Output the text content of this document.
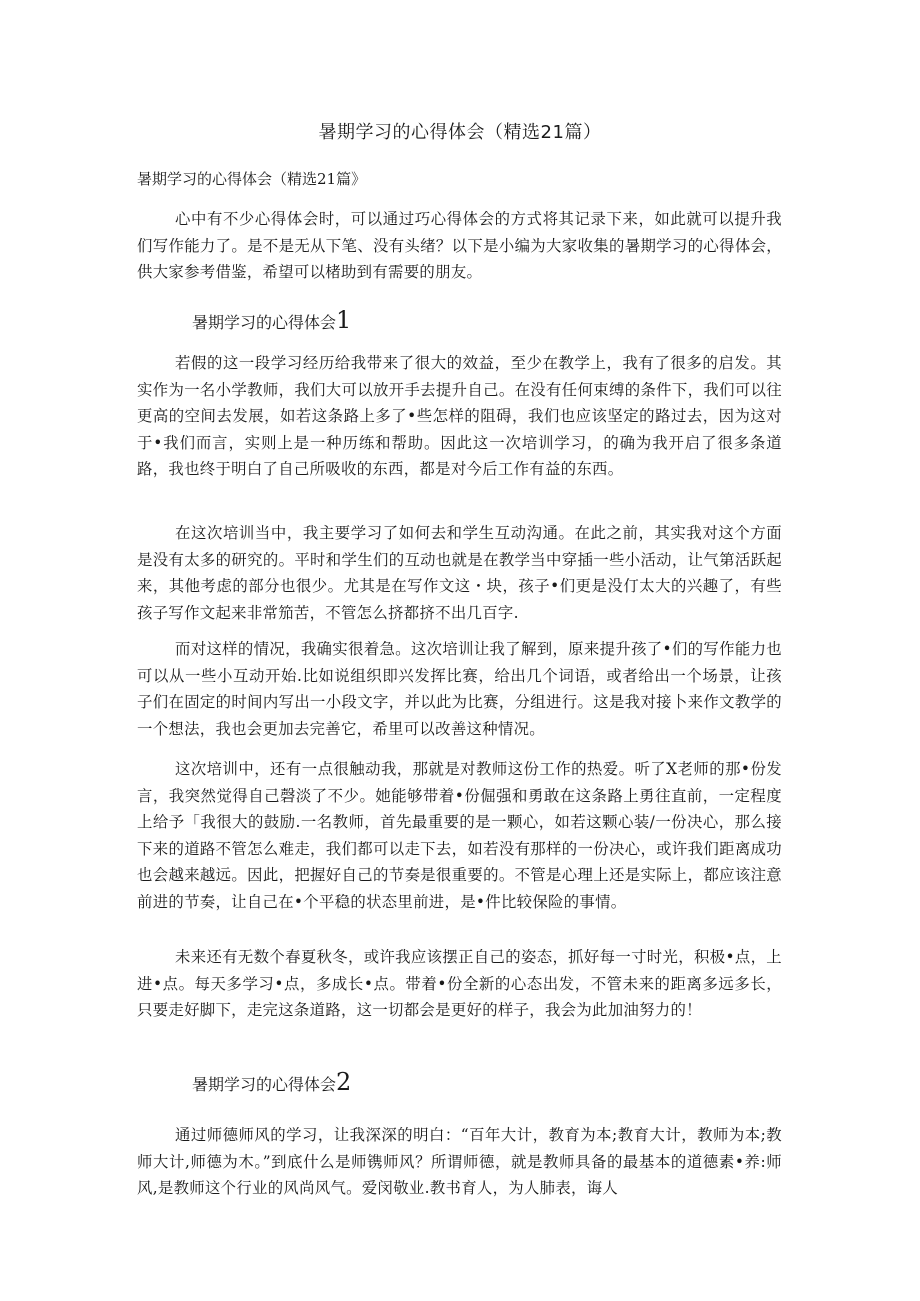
暑期学习的心得体会（精选21篇）
暑期学习的心得体会（精选21篇》

心中有不少心得体会时，可以通过巧心得体会的方式将其记录下来，如此就可以提升我们写作能力了。是不是无从下笔、没有头绪？以下是小编为大家收集的暑期学习的心得体会，供大家参考借鉴，希望可以楮助到有需要的朋友。

暑期学习的心得体会1

若假的这一段学习经历给我带来了很大的效益，至少在教学上，我有了很多的启发。其实作为一名小学教师，我们大可以放开手去提升自己。在没有任何束缚的条件下，我们可以往更高的空间去发展，如若这条路上多了•些怎样的阻碍，我们也应该坚定的路过去，因为这对于•我们而言，实则上是一种历练和帮助。因此这一次培训学习，的确为我开启了很多条道路，我也终于明白了自己所吸收的东西，都是对今后工作有益的东西。

在这次培训当中，我主要学习了如何去和学生互动沟通。在此之前，其实我对这个方面是没有太多的研究的。平时和学生们的互动也就是在教学当中穿插一些小活动，让气第活跃起来，其他考虑的部分也很少。尤其是在写作文这・块，孩子•们更是没仃太大的兴趣了，有些孩子写作文起来非常笳苦，不管怎么挤都挤不出几百字.

而对这样的情况，我确实很着急。这次培训让我了解到，原来提升孩了•们的写作能力也可以从一些小互动开始.比如说组织即兴发挥比赛，给出几个词语，或者给出一个场景，让孩子们在固定的时间内写出一小段文字，并以此为比赛，分组进行。这是我对接卜来作文教学的一个想法，我也会更加去完善它，希里可以改善这种情况。

这次培训中，还有一点很触动我，那就是对教师这份工作的热爱。听了X老师的那•份发言，我突然觉得自己磬淡了不少。她能够带着•份倔强和勇敢在这条路上勇往直前，一定程度上给予「我很大的鼓励.一名教师，首先最重要的是一颗心，如若这颗心装/一份决心，那么接下来的道路不管怎么难走，我们都可以走下去，如若没有那样的一份决心，或许我们距离成功也会越来越远。因此，把握好自己的节奏是很重要的。不管是心理上还是实际上，都应该注意前进的节奏，让自己在•个平稳的状态里前进，是•件比较保险的事情。

未来还有无数个春夏秋冬，或许我应该摆正自己的姿态，抓好每一寸时光，积极•点，上进•点。每天多学习•点，多成长•点。带着•份全新的心态出发，不管未来的距离多远多长，只要走好脚下，走完这条道路，这一切都会是更好的样子，我会为此加油努力的！

暑期学习的心得体会2

通过师德师风的学习，让我深深的明白：“百年大计，教育为本;教育大计，教师为本;教师大计,师德为木。”到底什么是师镌师风？所谓师德，就是教师具备的最基本的道德素•养:师风,是教师这个行业的风尚风气。爱闵敬业.教书育人，为人肺表，诲人
